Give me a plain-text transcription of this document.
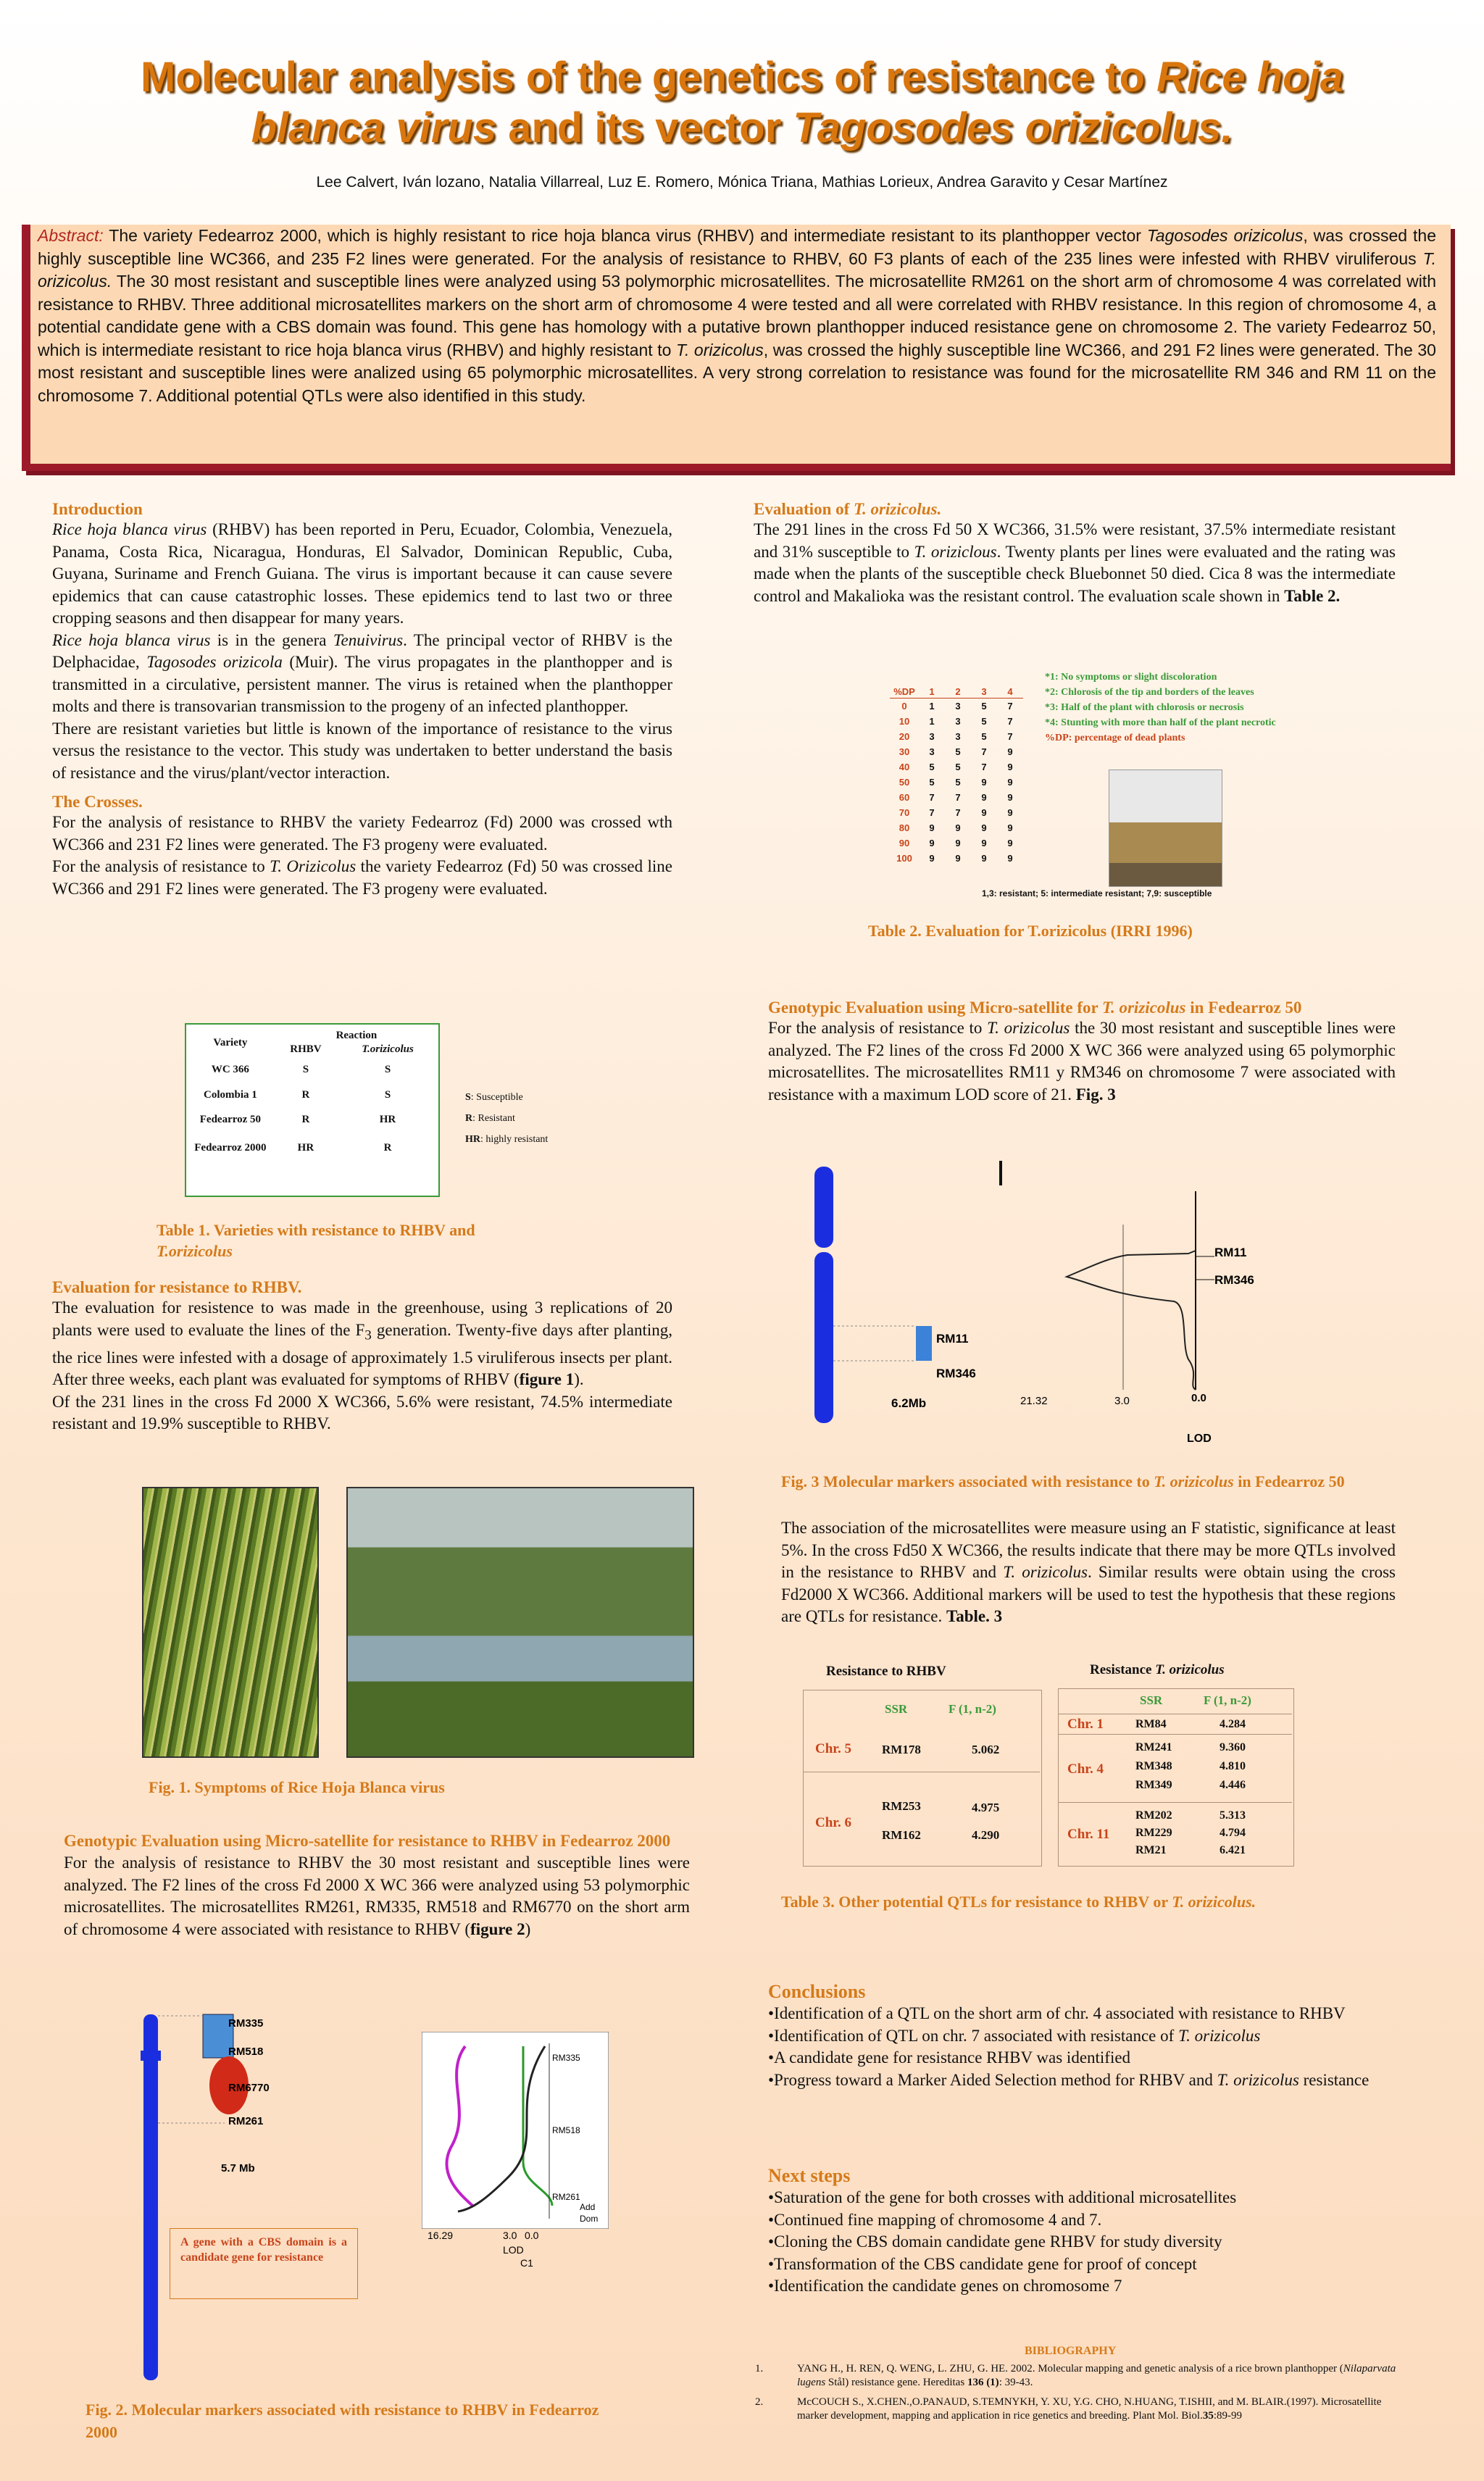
Molecular analysis of the genetics of resistance to Rice hoja
blanca virus and its vector Tagosodes orizicolus.
Lee Calvert, Iván lozano, Natalia Villarreal, Luz E. Romero, Mónica Triana, Mathias Lorieux, Andrea Garavito y Cesar Martínez
Abstract: The variety Fedearroz 2000, which is highly resistant to rice hoja blanca virus (RHBV) and intermediate resistant to its planthopper vector Tagosodes orizicolus, was crossed the highly susceptible line WC366, and 235 F2 lines were generated. For the analysis of resistance to RHBV, 60 F3 plants of each of the 235 lines were infested with RHBV viruliferous T. orizicolus. The 30 most resistant and susceptible lines were analyzed using 53 polymorphic microsatellites. The microsatellite RM261 on the short arm of chromosome 4 was correlated with resistance to RHBV. Three additional microsatellites markers on the short arm of chromosome 4 were tested and all were correlated with RHBV resistance. In this region of chromosome 4, a potential candidate gene with a CBS domain was found. This gene has homology with a putative brown planthopper induced resistance gene on chromosome 2. The variety Fedearroz 50, which is intermediate resistant to rice hoja blanca virus (RHBV) and highly resistant to T. orizicolus, was crossed the highly susceptible line WC366, and 291 F2 lines were generated. The 30 most resistant and susceptible lines were analized using 65 polymorphic microsatellites. A very strong correlation to resistance was found for the microsatellite RM 346 and RM 11 on the chromosome 7. Additional potential QTLs were also identified in this study.
Introduction
Rice hoja blanca virus (RHBV) has been reported in Peru, Ecuador, Colombia, Venezuela, Panama, Costa Rica, Nicaragua, Honduras, El Salvador, Dominican Republic, Cuba, Guyana, Suriname and French Guiana. The virus is important because it can cause severe epidemics that can cause catastrophic losses. These epidemics tend to last two or three cropping seasons and then disappear for many years.
Rice hoja blanca virus is in the genera Tenuivirus. The principal vector of RHBV is the Delphacidae, Tagosodes orizicola (Muir). The virus propagates in the planthopper and is transmitted in a circulative, persistent manner. The virus is retained when the planthopper molts and there is transovarian transmission to the progeny of an infected planthopper.
There are resistant varieties but little is known of the importance of resistance to the virus versus the resistance to the vector. This study was undertaken to better understand the basis of resistance and the virus/plant/vector interaction.
The Crosses.
For the analysis of resistance to RHBV the variety Fedearroz (Fd) 2000 was crossed wth WC366 and 231 F2 lines were generated. The F3 progeny were evaluated.
For the analysis of resistance to T. Orizicolus the variety Fedearroz (Fd) 50 was crossed line WC366 and 291 F2 lines were generated. The F3 progeny were evaluated.
Variety	Reaction	
	RHBV	T.orizicolus
WC 366	S	S
Colombia 1	R	S
Fedearroz 50	R	HR
Fedearroz 2000	HR	R
S: Susceptible
R: Resistant
HR: highly resistant
Table 1. Varieties with resistance to RHBV and
T.orizicolus
Evaluation for resistance to RHBV.
The evaluation for resistence to was made in the greenhouse, using 3 replications of 20 plants were used to evaluate the lines of the $F_3$ generation. Twenty-five days after planting, the rice lines were infested with a dosage of approximately 1.5 viruliferous insects per plant. After three weeks, each plant was evaluated for symptoms of RHBV (figure 1).
Of the 231 lines in the cross Fd 2000 X WC366, 5.6% were resistant, 74.5% intermediate resistant and 19.9% susceptible to RHBV.
Fig. 1. Symptoms of Rice Hoja Blanca virus
Genotypic Evaluation using Micro-satellite for resistance to RHBV in Fedearroz 2000
For the analysis of resistance to RHBV the 30 most resistant and susceptible lines were analyzed. The F2 lines of the cross Fd 2000 X WC 366 were analyzed using 53 polymorphic microsatellites. The microsatellites RM261, RM335, RM518 and RM6770 on the short arm of chromosome 4 were associated with resistance to RHBV (figure 2)
RM335
RM518
RM6770
RM261
5.7 Mb
A gene with a CBS domain is a candidate gene for resistance
RM335
RM518
RM261
Add
Dom
16.29	3.0 0.0
LOD
C1
Fig. 2. Molecular markers associated with resistance to RHBV in Fedearroz 2000
Evaluation of T. orizicolus.
The 291 lines in the cross Fd 50 X WC366, 31.5% were resistant, 37.5% intermediate resistant and 31% susceptible to T. oriziclous. Twenty plants per lines were evaluated and the rating was made when the plants of the susceptible check Bluebonnet 50 died. Cica 8 was the intermediate control and Makalioka was the resistant control. The evaluation scale shown in Table 2.
%DP	1	2	3	4
0	1	3	5	7
10	1	3	5	7
20	3	3	5	7
30	3	5	7	9
40	5	5	7	9
50	5	5	9	9
60	7	7	9	9
70	7	7	9	9
80	9	9	9	9
90	9	9	9	9
100	9	9	9	9
*1: No symptoms or slight discoloration
*2: Chlorosis of the tip and borders of the leaves
*3: Half of the plant with chlorosis or necrosis
*4: Stunting with more than half of the plant necrotic
%DP: percentage of dead plants
1,3: resistant; 5: intermediate resistant; 7,9: susceptible
Table 2. Evaluation for T.orizicolus (IRRI 1996)
Genotypic Evaluation using Micro-satellite for T. orizicolus in Fedearroz 50
For the analysis of resistance to T. orizicolus the 30 most resistant and susceptible lines were analyzed. The F2 lines of the cross Fd 2000 X WC 366 were analyzed using 65 polymorphic microsatellites. The microsatellites RM11 y RM346 on chromosome 7 were associated with resistance with a maximum LOD score of 21. Fig. 3
RM11
RM346
7	6.2Mb
RM11
RM346
21.32	3.0	0.0
LOD
Fig. 3 Molecular markers associated with resistance to T. orizicolus in Fedearroz 50
The association of the microsatellites were measure using an F statistic, significance at least 5%. In the cross Fd50 X WC366, the results indicate that there may be more QTLs involved in the resistance to RHBV and T. orizicolus. Similar results were obtain using the cross Fd2000 X WC366. Additional markers will be used to test the hypothesis that these regions are QTLs for resistance. Table. 3
Resistance to RHBV	Resistance T. orizicolus
SSR	F (1, n-2)
Chr. 5 RM178	5.062
Chr. 6
RM253	4.975
RM162	4.290
SSR	F (1, n-2)
Chr. 1	RM84	4.284
Chr. 4
RM241	9.360
RM348	4.810
RM349	4.446
Chr. 11
RM202	5.313
RM229	4.794
RM21	6.421
Table 3. Other potential QTLs for resistance to RHBV or T. orizicolus.
Conclusions
•Identification of a QTL on the short arm of chr. 4 associated with resistance to RHBV
•Identification of QTL on chr. 7 associated with resistance of T. orizicolus
•A candidate gene for resistance RHBV was identified
•Progress toward a Marker Aided Selection method for RHBV and T. orizicolus resistance
Next steps
•Saturation of the gene for both crosses with additional microsatellites
•Continued fine mapping of chromosome 4 and 7.
•Cloning the CBS domain candidate gene RHBV for study diversity
•Transformation of the CBS candidate gene for proof of concept
•Identification the candidate genes on chromosome 7
BIBLIOGRAPHY
1.	YANG H., H. REN, Q. WENG, L. ZHU, G. HE. 2002. Molecular mapping and genetic analysis of a rice brown planthopper (Nilaparvata lugens Stål) resistance gene. Hereditas 136 (1): 39-43.
2.	McCOUCH S., X.CHEN.,O.PANAUD, S.TEMNYKH, Y. XU, Y.G. CHO, N.HUANG, T.ISHII, and M. BLAIR.(1997). Microsatellite marker development, mapping and application in rice genetics and breeding. Plant Mol. Biol.35:89-99
